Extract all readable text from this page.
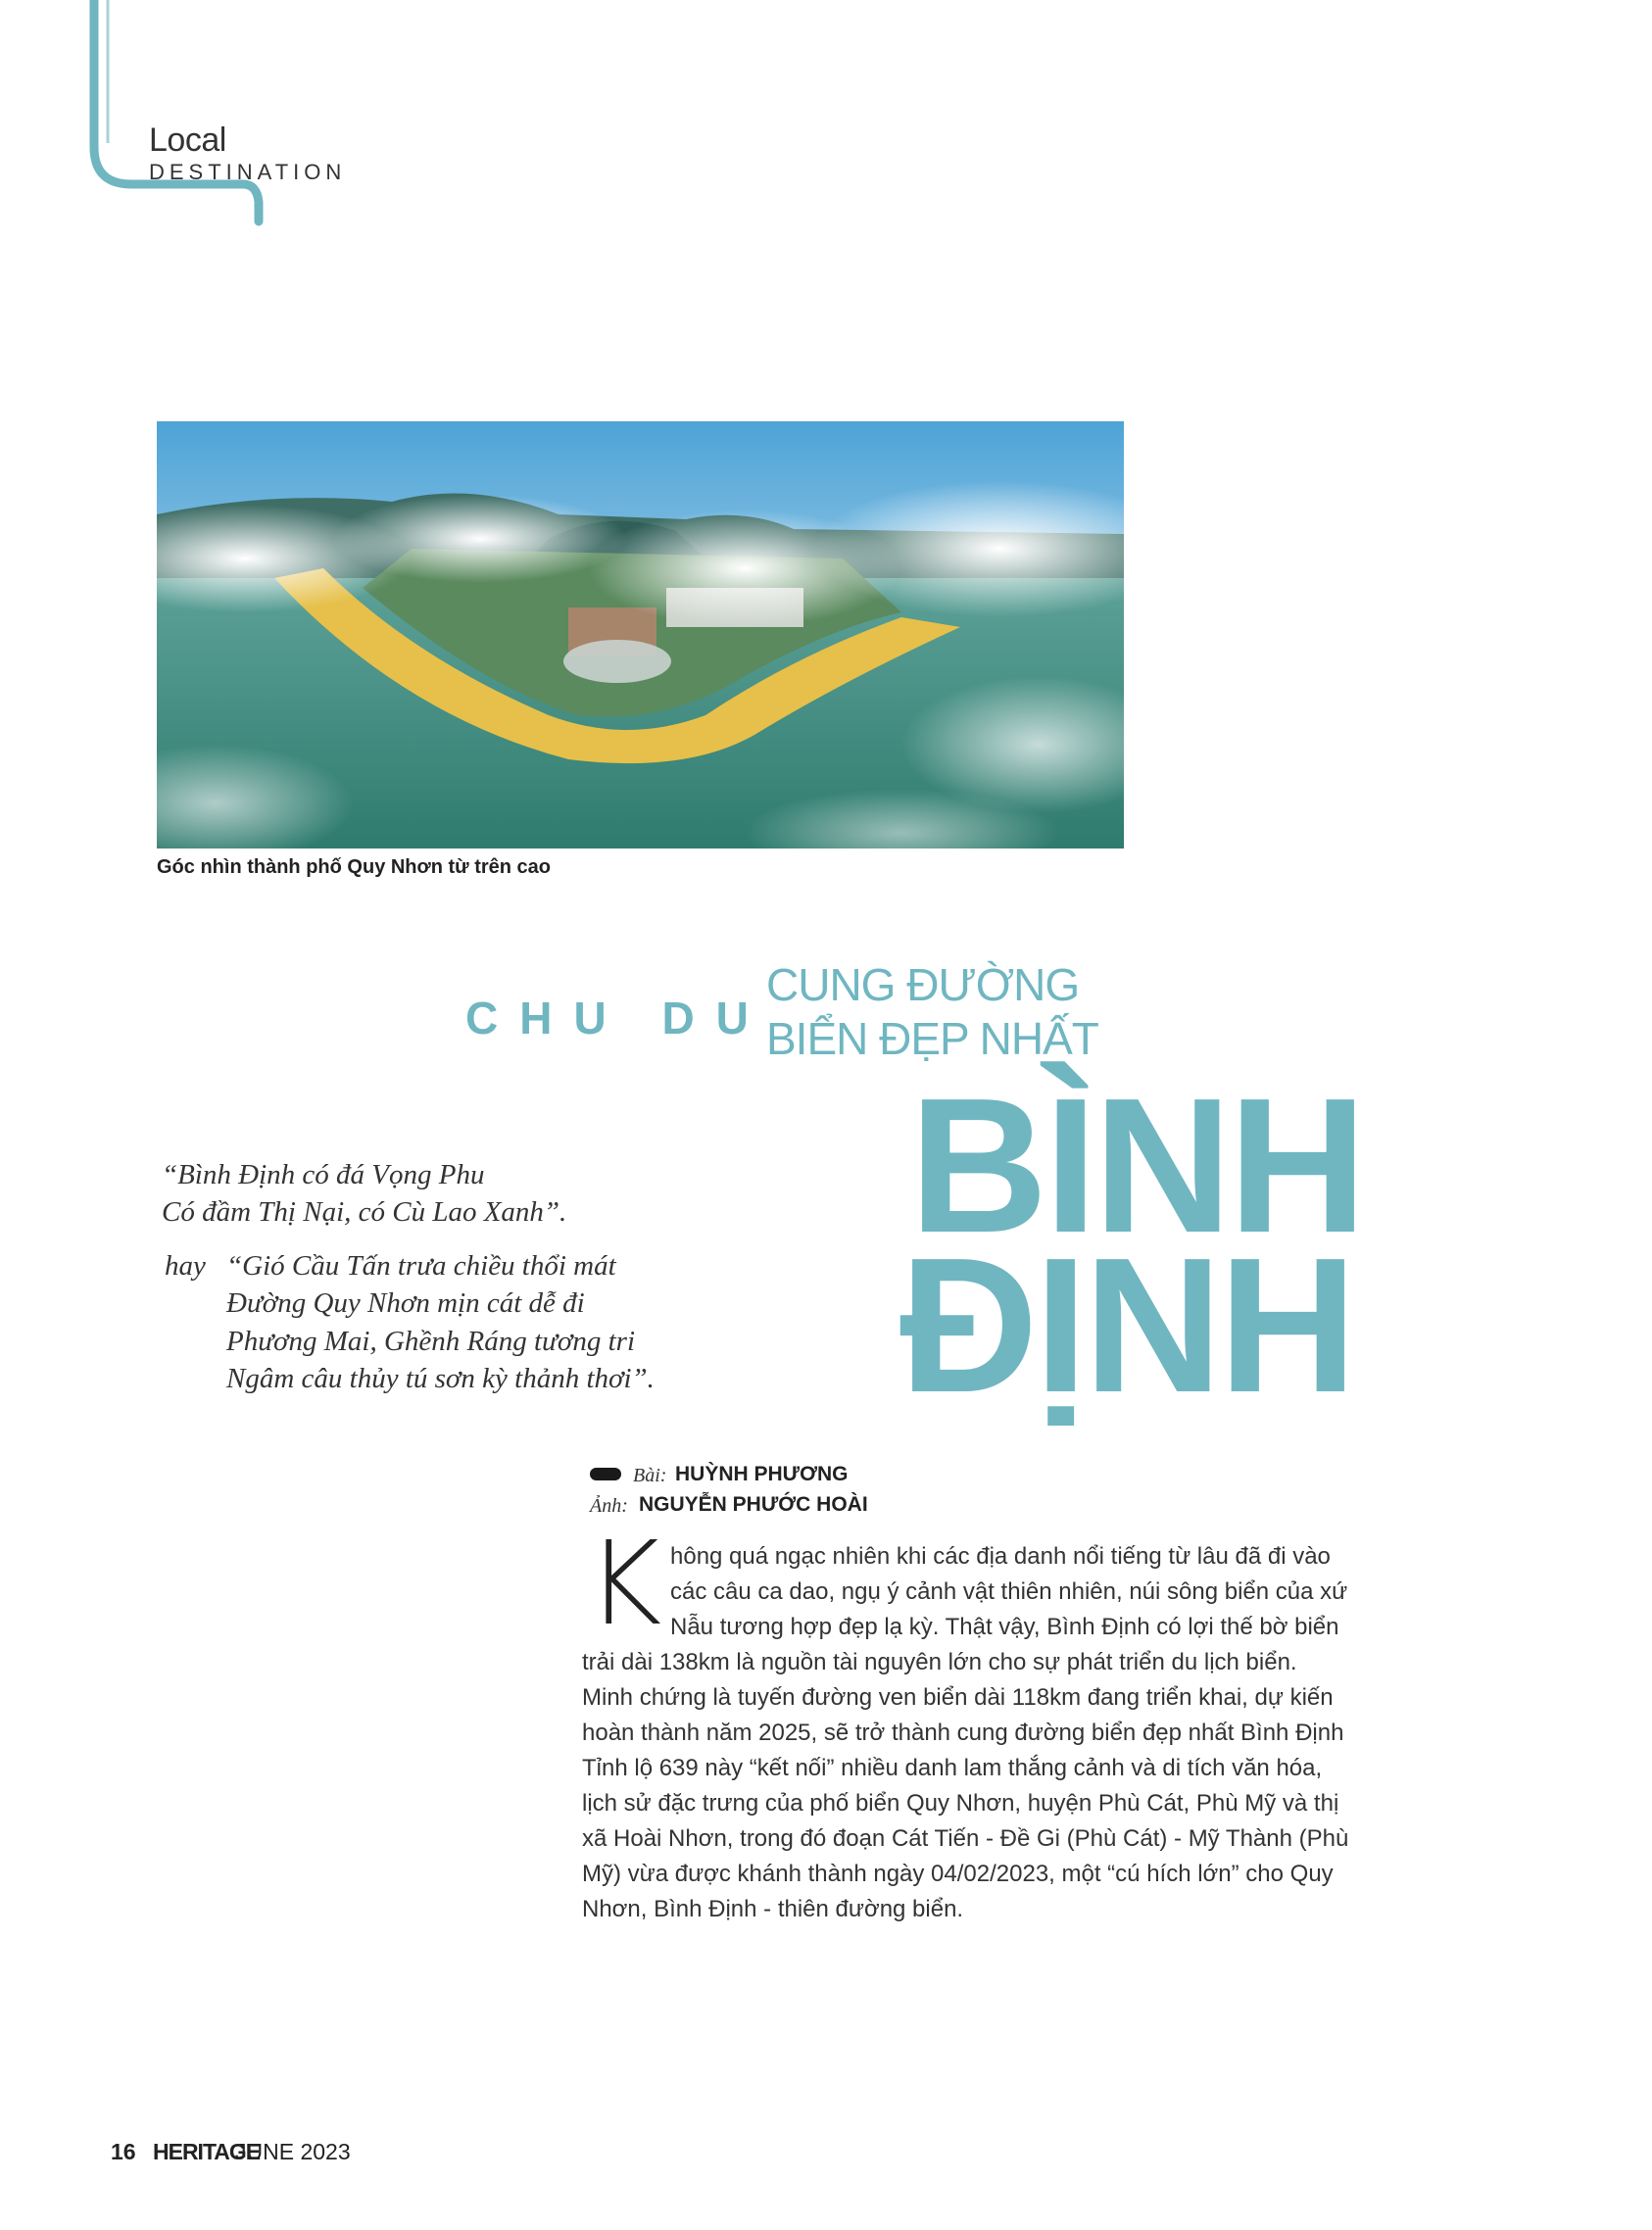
Local
DESTINATION
Góc nhìn thành phố Quy Nhơn từ trên cao
CHU DU
CUNG ĐƯỜNG
BIỂN ĐẸP NHẤT
BÌNH
ĐỊNH
“Bình Định có đá Vọng Phu
Có đầm Thị Nại, có Cù Lao Xanh”.
hay “Gió Cầu Tấn trưa chiều thổi mát
Đường Quy Nhơn mịn cát dễ đi
Phương Mai, Ghềnh Ráng tương tri
Ngâm câu thủy tú sơn kỳ thảnh thơi”.
Bài: HUỲNH PHƯƠNG
Ảnh: NGUYỄN PHƯỚC HOÀI
K hông quá ngạc nhiên khi các địa danh nổi tiếng từ lâu đã đi vào
các câu ca dao, ngụ ý cảnh vật thiên nhiên, núi sông biển của xứ
Nẫu tương hợp đẹp lạ kỳ. Thật vậy, Bình Định có lợi thế bờ biển
trải dài 138km là nguồn tài nguyên lớn cho sự phát triển du lịch biển.
Minh chứng là tuyến đường ven biển dài 118km đang triển khai, dự kiến
hoàn thành năm 2025, sẽ trở thành cung đường biển đẹp nhất Bình Định
Tỉnh lộ 639 này “kết nối” nhiều danh lam thắng cảnh và di tích văn hóa,
lịch sử đặc trưng của phố biển Quy Nhơn, huyện Phù Cát, Phù Mỹ và thị
xã Hoài Nhơn, trong đó đoạn Cát Tiến - Đề Gi (Phù Cát) - Mỹ Thành (Phù
Mỹ) vừa được khánh thành ngày 04/02/2023, một “cú hích lớn” cho Quy
Nhơn, Bình Định - thiên đường biển.
16 HERITAGE
JUNE 2023
